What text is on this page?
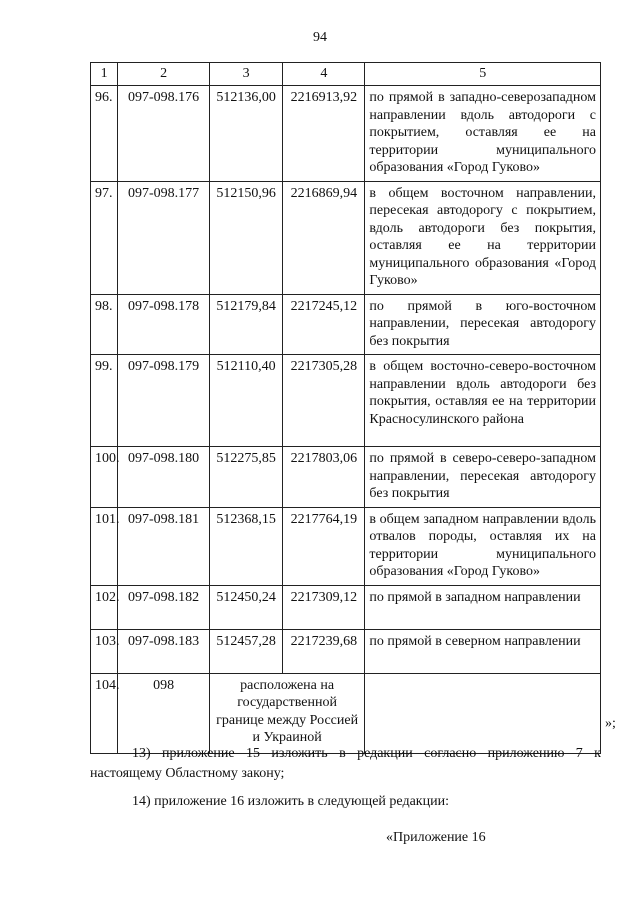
94
1	2	3	4	5
96.	097-098.176	512136,00	2216913,92	по прямой в западно-северозападном направлении вдоль автодороги с покрытием, оставляя ее на территории муниципального образования «Город Гуково»
97.	097-098.177	512150,96	2216869,94	в общем восточном направлении, пересекая автодорогу с покрытием, вдоль автодороги без покрытия, оставляя ее на территории муниципального образования «Город Гуково»
98.	097-098.178	512179,84	2217245,12	по прямой в юго-восточном направлении, пересекая автодорогу без покрытия
99.	097-098.179	512110,40	2217305,28	в общем восточно-северо-восточном направлении вдоль автодороги без покрытия, оставляя ее на территории Красносулинского района
100.	097-098.180	512275,85	2217803,06	по прямой в северо-северо-западном направлении, пересекая автодорогу без покрытия
101.	097-098.181	512368,15	2217764,19	в общем западном направлении вдоль отвалов породы, оставляя их на территории муниципального образования «Город Гуково»
102.	097-098.182	512450,24	2217309,12	по прямой в западном направлении
103.	097-098.183	512457,28	2217239,68	по прямой в северном направлении
104.	098	расположена на государственной границе между Россией и Украиной		
»;
13) приложение 15 изложить в редакции согласно приложению 7 к настоящему Областному закону;
14) приложение 16 изложить в следующей редакции:
«Приложение 16
